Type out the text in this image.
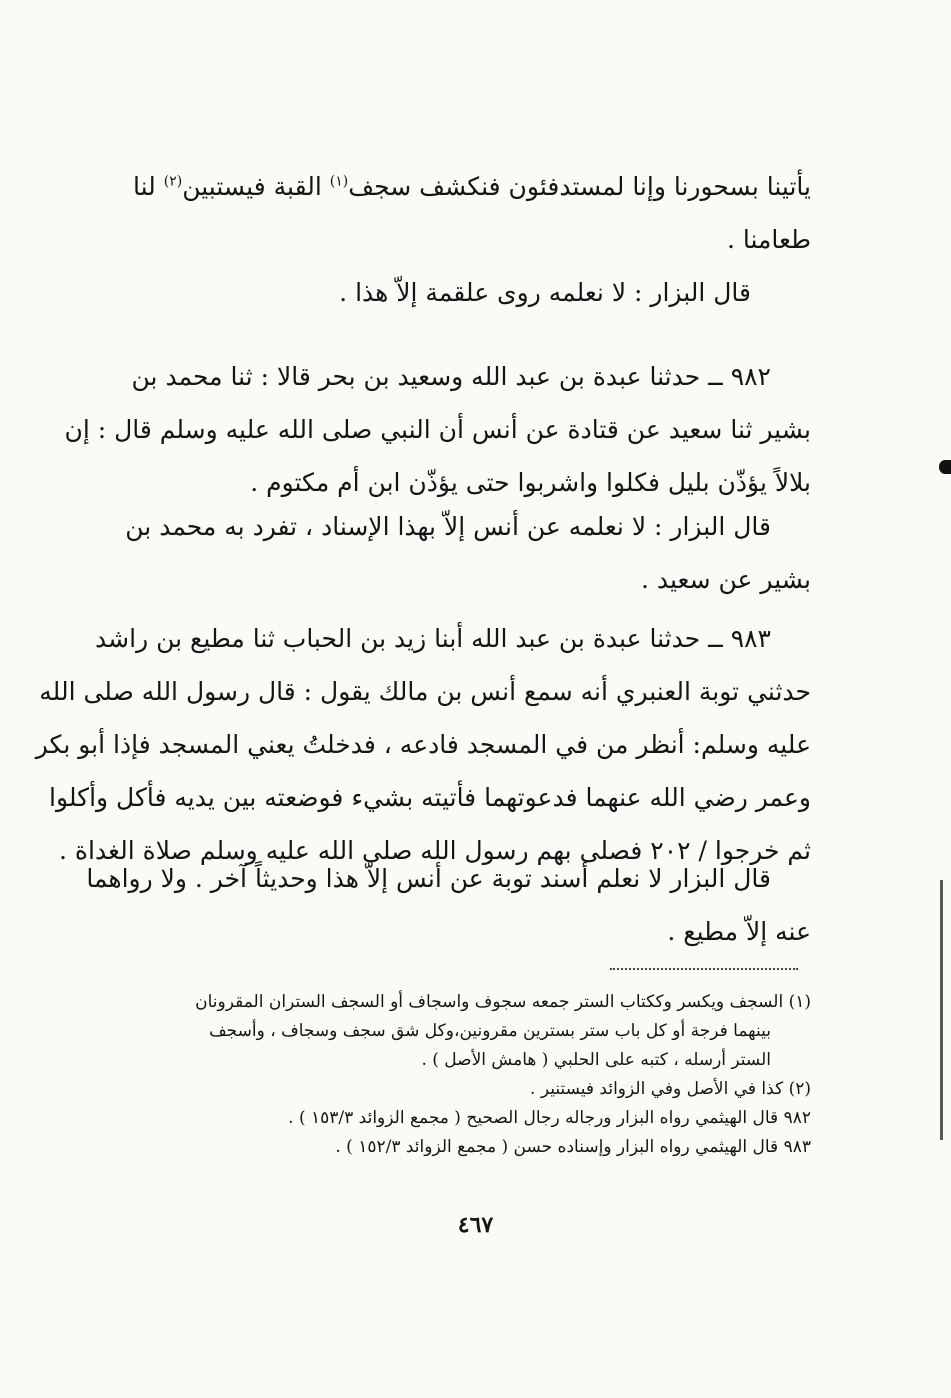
يأتينا بسحورنا وإنا لمستدفئون فنكشف سجف$^{(١)}$ القبة فيستبين$^{(٢)}$ لنا
طعامنا .
قال البزار : لا نعلمه روى علقمة إلاّ هذا .
٩٨٢ ــ حدثنا عبدة بن عبد الله وسعيد بن بحر قالا : ثنا محمد بن
بشير ثنا سعيد عن قتادة عن أنس أن النبي صلى الله عليه وسلم قال : إن
بلالاً يؤذّن بليل فكلوا واشربوا حتى يؤذّن ابن أم مكتوم .
قال البزار : لا نعلمه عن أنس إلاّ بهذا الإسناد ، تفرد به محمد بن
بشير عن سعيد .
٩٨٣ ــ حدثنا عبدة بن عبد الله أبنا زيد بن الحباب ثنا مطيع بن راشد
حدثني توبة العنبري أنه سمع أنس بن مالك يقول : قال رسول الله صلى الله
عليه وسلم: أنظر من في المسجد فادعه ، فدخلتُ يعني المسجد فإذا أبو بكر
وعمر رضي الله عنهما فدعوتهما فأتيته بشيء فوضعته بين يديه فأكل وأكلوا
ثم خرجوا / ٢٠٢ فصلى بهم رسول الله صلى الله عليه وسلم صلاة الغداة .
قال البزار لا نعلم أسند توبة عن أنس إلاّ هذا وحديثاً آخر . ولا رواهما
عنه إلاّ مطيع .
(١) السجف ويكسر وككتاب الستر جمعه سجوف واسجاف أو السجف الستران المقرونان
بينهما فرجة أو كل باب ستر بسترين مقرونين،وكل شق سجف وسجاف ، وأسجف
الستر أرسله ، كتبه على الحلبي ( هامش الأصل ) .
(٢) كذا في الأصل وفي الزوائد فيستنير .
٩٨٢ قال الهيثمي رواه البزار ورجاله رجال الصحيح ( مجمع الزوائد ١٥٣/٣ ) .
٩٨٣ قال الهيثمي رواه البزار وإسناده حسن ( مجمع الزوائد ١٥٢/٣ ) .
٤٦٧
